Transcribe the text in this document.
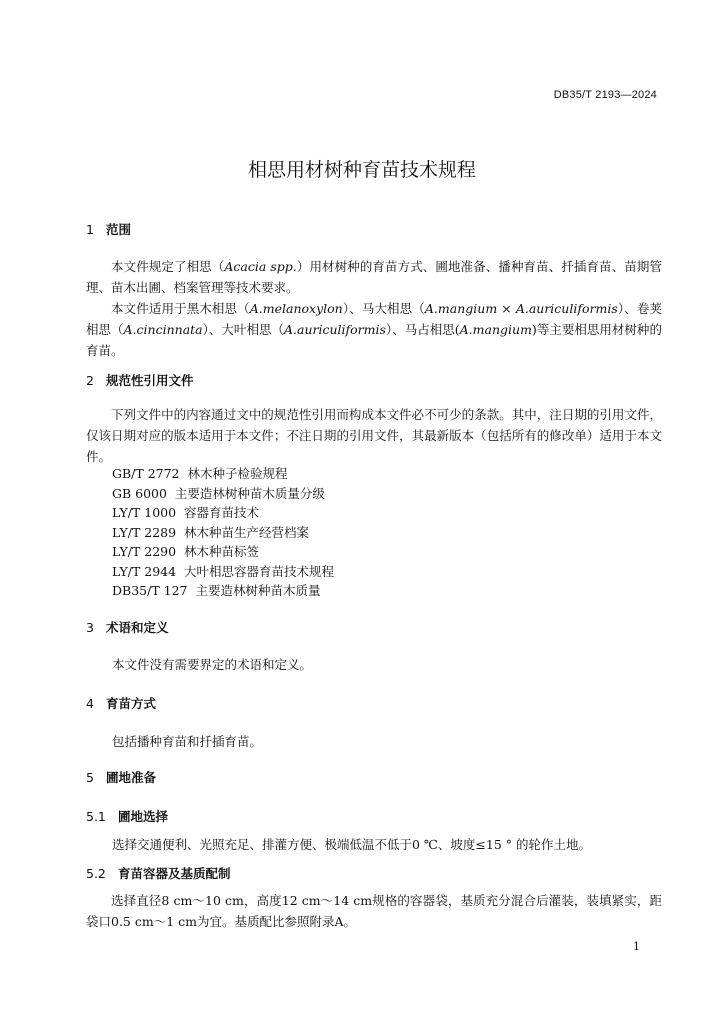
DB35/T 2193—2024
相思用材树种育苗技术规程
1 范围

本文件规定了相思（Acacia spp.）用材树种的育苗方式、圃地准备、播种育苗、扦插育苗、苗期管理、苗木出圃、档案管理等技术要求。

本文件适用于黑木相思（A.melanoxylon）、马大相思（A.mangium × A.auriculiformis）、卷荚相思（A.cincinnata）、大叶相思（A.auriculiformis）、马占相思(A.mangium)等主要相思用材树种的育苗。

2 规范性引用文件

下列文件中的内容通过文中的规范性引用而构成本文件必不可少的条款。其中，注日期的引用文件，仅该日期对应的版本适用于本文件；不注日期的引用文件，其最新版本（包括所有的修改单）适用于本文件。

GB/T 2772  林木种子检验规程
GB 6000  主要造林树种苗木质量分级
LY/T 1000  容器育苗技术
LY/T 2289  林木种苗生产经营档案
LY/T 2290  林木种苗标签
LY/T 2944  大叶相思容器育苗技术规程
DB35/T 127  主要造林树种苗木质量
3 术语和定义
本文件没有需要界定的术语和定义。
4 育苗方式
包括播种育苗和扦插育苗。
5 圃地准备
5.1 圃地选择
选择交通便利、光照充足、排灌方便、极端低温不低于0 ℃、坡度≤15 ° 的轮作土地。
5.2 育苗容器及基质配制

选择直径8 cm～10 cm，高度12 cm～14 cm规格的容器袋，基质充分混合后灌装，装填紧实，距袋口0.5 cm～1 cm为宜。基质配比参照附录A。

1
